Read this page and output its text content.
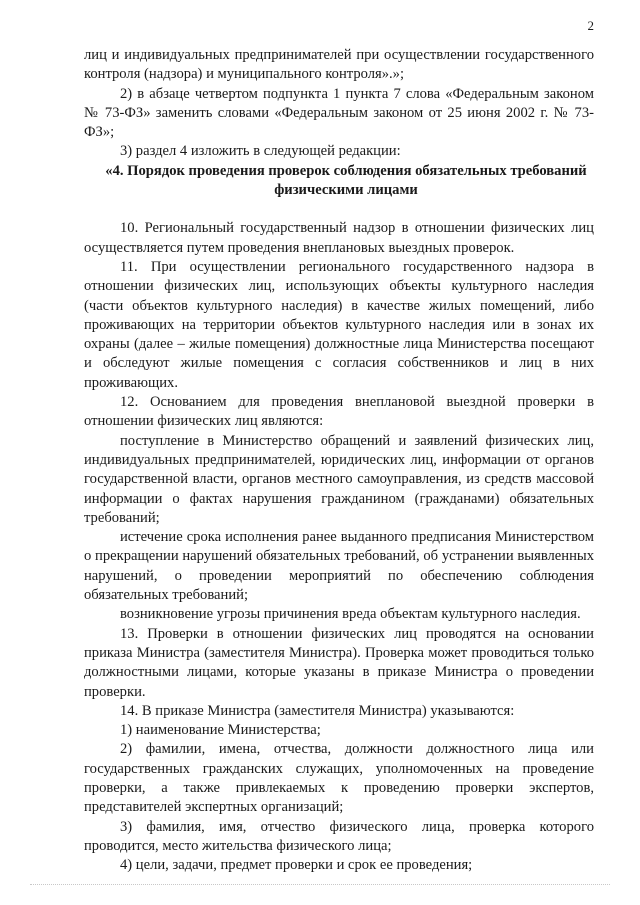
2

лиц и индивидуальных предпринимателей при осуществлении государственного контроля (надзора) и муниципального контроля».»;

2) в абзаце четвертом подпункта 1 пункта 7 слова «Федеральным законом № 73-ФЗ» заменить словами «Федеральным законом от 25 июня 2002 г. № 73-ФЗ»;

3) раздел 4 изложить в следующей редакции:

«4. Порядок проведения проверок соблюдения обязательных требований физическими лицами

10. Региональный государственный надзор в отношении физических лиц осуществляется путем проведения внеплановых выездных проверок.

11. При осуществлении регионального государственного надзора в отношении физических лиц, использующих объекты культурного наследия (части объектов культурного наследия) в качестве жилых помещений, либо проживающих на территории объектов культурного наследия или в зонах их охраны (далее – жилые помещения) должностные лица Министерства посещают и обследуют жилые помещения с согласия собственников и лиц в них проживающих.

12. Основанием для проведения внеплановой выездной проверки в отношении физических лиц являются:

поступление в Министерство обращений и заявлений физических лиц, индивидуальных предпринимателей, юридических лиц, информации от органов государственной власти, органов местного самоуправления, из средств массовой информации о фактах нарушения гражданином (гражданами) обязательных требований;

истечение срока исполнения ранее выданного предписания Министерством о прекращении нарушений обязательных требований, об устранении выявленных нарушений, о проведении мероприятий по обеспечению соблюдения обязательных требований;

возникновение угрозы причинения вреда объектам культурного наследия.

13. Проверки в отношении физических лиц проводятся на основании приказа Министра (заместителя Министра). Проверка может проводиться только должностными лицами, которые указаны в приказе Министра о проведении проверки.

14. В приказе Министра (заместителя Министра) указываются:

1) наименование Министерства;

2) фамилии, имена, отчества, должности должностного лица или государственных гражданских служащих, уполномоченных на проведение проверки, а также привлекаемых к проведению проверки экспертов, представителей экспертных организаций;

3) фамилия, имя, отчество физического лица, проверка которого проводится, место жительства физического лица;

4) цели, задачи, предмет проверки и срок ее проведения;
